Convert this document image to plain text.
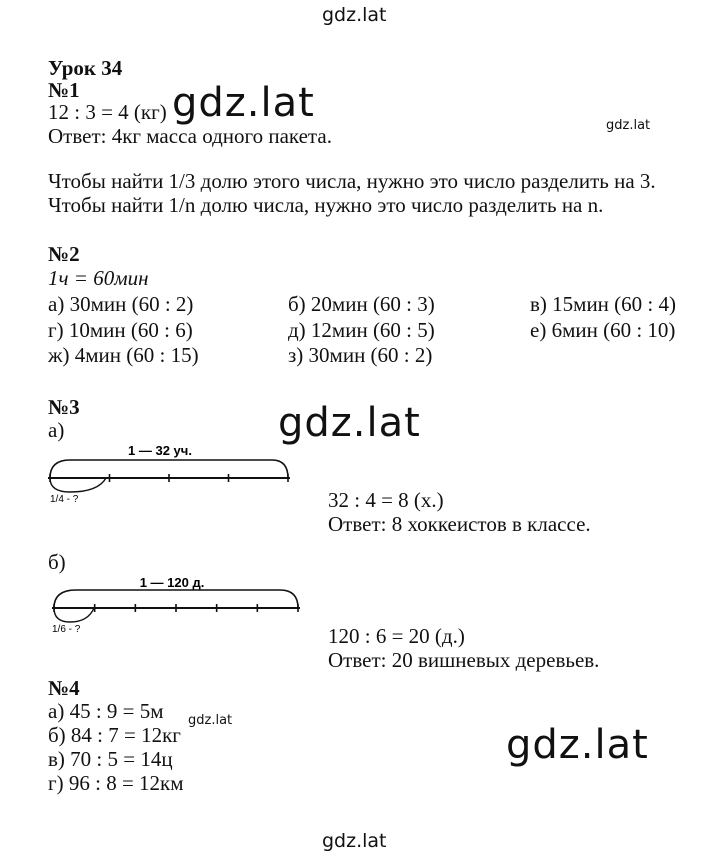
gdz.lat
gdz.lat	gdz.lat
gdz.lat
gdz.lat
gdz.lat
gdz.lat
Урок 34
№1
12 : 3 = 4 (кг)
Ответ: 4кг масса одного пакета.
Чтобы найти 1/3 долю этого числа, нужно это число разделить на 3.
Чтобы найти 1/n долю числа, нужно это число разделить на n.
№2
1ч = 60мин
а) 30мин (60 : 2)	б) 20мин (60 : 3)	в) 15мин (60 : 4)
г) 10мин (60 : 6)	д) 12мин (60 : 5)	е) 6мин (60 : 10)
ж) 4мин (60 : 15)	з) 30мин (60 : 2)
№3
а)
1 — 32 уч.
1/4 - ?	32 : 4 = 8 (х.)
Ответ: 8 хоккеистов в классе.
б)
1 — 120 д.
1/6 - ?	120 : 6 = 20 (д.)
Ответ: 20 вишневых деревьев.
№4
а) 45 : 9 = 5м
б) 84 : 7 = 12кг
в) 70 : 5 = 14ц
г) 96 : 8 = 12км
